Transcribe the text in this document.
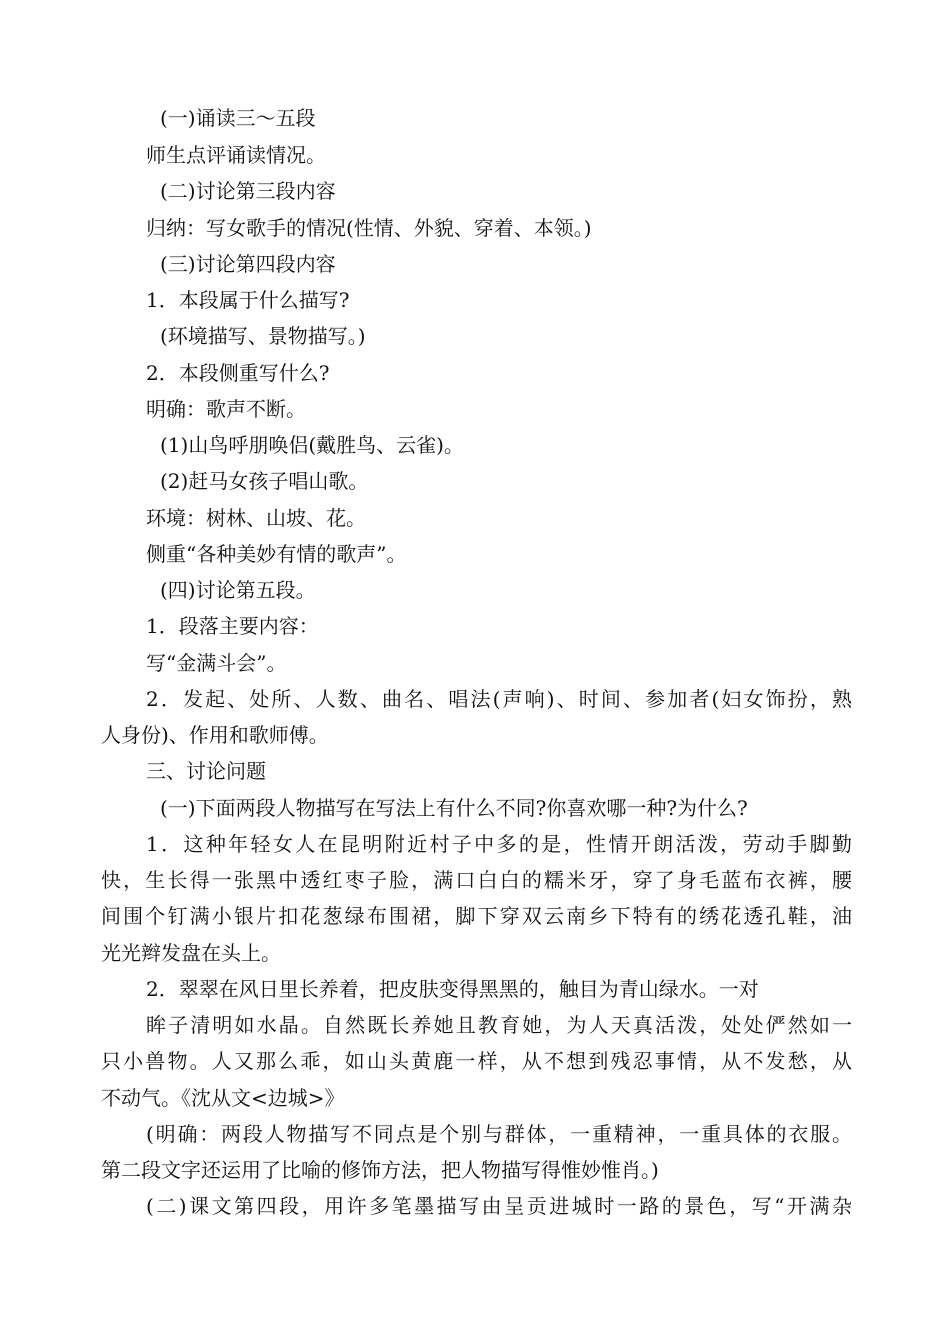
(一)诵读三～五段
师生点评诵读情况。
(二)讨论第三段内容
归纳：写女歌手的情况(性情、外貌、穿着、本领。)
(三)讨论第四段内容
1．本段属于什么描写?
(环境描写、景物描写。)
2．本段侧重写什么?
明确：歌声不断。
(1)山鸟呼朋唤侣(戴胜鸟、云雀)。
(2)赶马女孩子唱山歌。
环境：树林、山坡、花。
侧重“各种美妙有情的歌声”。
(四)讨论第五段。
1．段落主要内容：
写“金满斗会”。
2．发起、处所、人数、曲名、唱法(声响)、时间、参加者(妇女饰扮，熟
人身份)、作用和歌师傅。
三、讨论问题
(一)下面两段人物描写在写法上有什么不同?你喜欢哪一种?为什么?
1．这种年轻女人在昆明附近村子中多的是，性情开朗活泼，劳动手脚勤
快，生长得一张黑中透红枣子脸，满口白白的糯米牙，穿了身毛蓝布衣裤，腰
间围个钉满小银片扣花葱绿布围裙，脚下穿双云南乡下特有的绣花透孔鞋，油
光光辫发盘在头上。
2．翠翠在风日里长养着，把皮肤变得黑黑的，触目为青山绿水。一对
眸子清明如水晶。自然既长养她且教育她，为人天真活泼，处处俨然如一
只小兽物。人又那么乖，如山头黄鹿一样，从不想到残忍事情，从不发愁，从
不动气。《沈从文<边城>》
(明确：两段人物描写不同点是个别与群体，一重精神，一重具体的衣服。
第二段文字还运用了比喻的修饰方法，把人物描写得惟妙惟肖。)
(二)课文第四段，用许多笔墨描写由呈贡进城时一路的景色，写“开满杂
